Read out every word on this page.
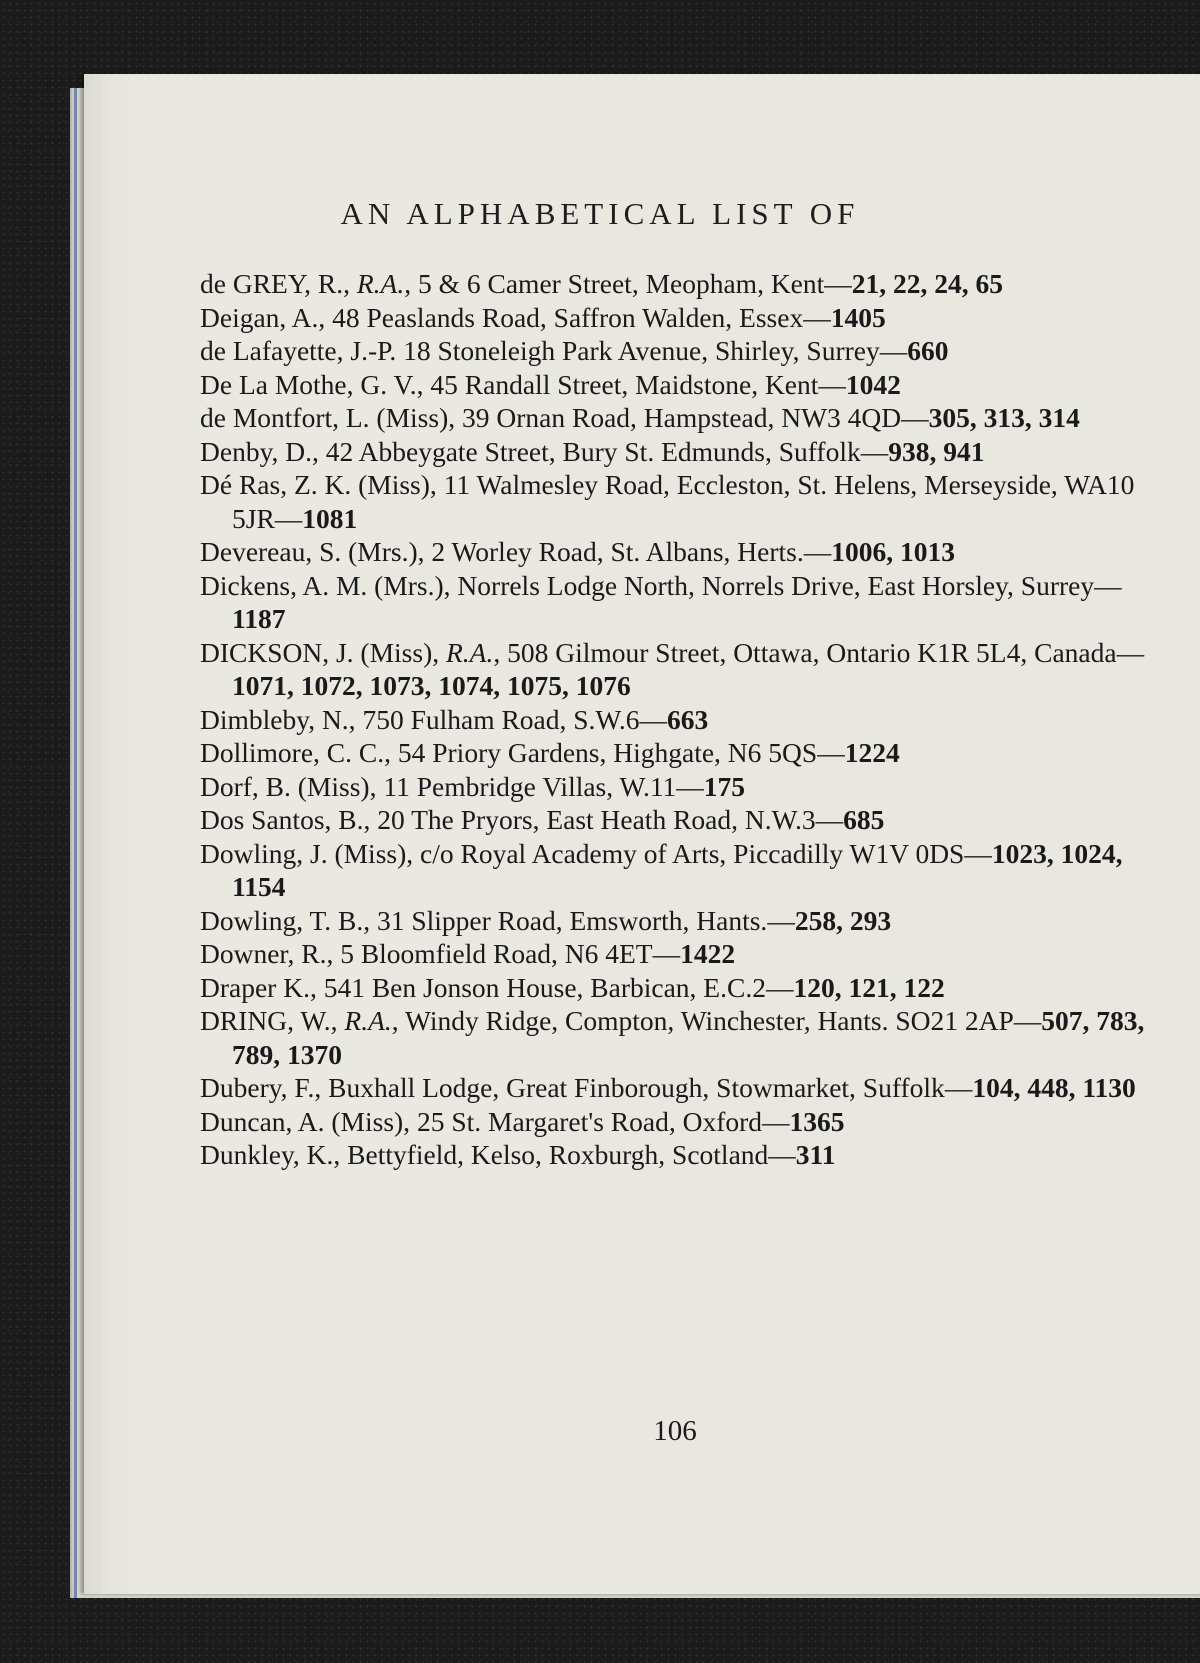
AN ALPHABETICAL LIST OF
de GREY, R., R.A., 5 & 6 Camer Street, Meopham, Kent—21, 22, 24, 65
Deigan, A., 48 Peaslands Road, Saffron Walden, Essex—1405
de Lafayette, J.-P. 18 Stoneleigh Park Avenue, Shirley, Surrey—660
De La Mothe, G. V., 45 Randall Street, Maidstone, Kent—1042
de Montfort, L. (Miss), 39 Ornan Road, Hampstead, NW3 4QD—305, 313, 314
Denby, D., 42 Abbeygate Street, Bury St. Edmunds, Suffolk—938, 941
Dé Ras, Z. K. (Miss), 11 Walmesley Road, Eccleston, St. Helens, Merseyside, WA10 5JR—1081
Devereau, S. (Mrs.), 2 Worley Road, St. Albans, Herts.—1006, 1013
Dickens, A. M. (Mrs.), Norrels Lodge North, Norrels Drive, East Horsley, Surrey—1187
DICKSON, J. (Miss), R.A., 508 Gilmour Street, Ottawa, Ontario K1R 5L4, Canada—1071, 1072, 1073, 1074, 1075, 1076
Dimbleby, N., 750 Fulham Road, S.W.6—663
Dollimore, C. C., 54 Priory Gardens, Highgate, N6 5QS—1224
Dorf, B. (Miss), 11 Pembridge Villas, W.11—175
Dos Santos, B., 20 The Pryors, East Heath Road, N.W.3—685
Dowling, J. (Miss), c/o Royal Academy of Arts, Piccadilly W1V 0DS—1023, 1024, 1154
Dowling, T. B., 31 Slipper Road, Emsworth, Hants.—258, 293
Downer, R., 5 Bloomfield Road, N6 4ET—1422
Draper K., 541 Ben Jonson House, Barbican, E.C.2—120, 121, 122
DRING, W., R.A., Windy Ridge, Compton, Winchester, Hants. SO21 2AP—507, 783, 789, 1370
Dubery, F., Buxhall Lodge, Great Finborough, Stowmarket, Suffolk—104, 448, 1130
Duncan, A. (Miss), 25 St. Margaret's Road, Oxford—1365
Dunkley, K., Bettyfield, Kelso, Roxburgh, Scotland—311
106
